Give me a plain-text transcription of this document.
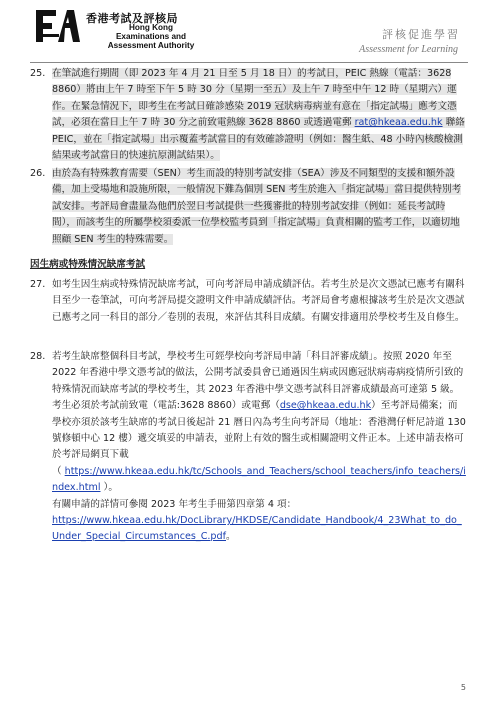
香港考試及評核局
Hong Kong
Examinations and
Assessment Authority
評核促進學習
Assessment for Learning
25. 在筆試進行期間（即 2023 年 4 月 21 日至 5 月 18 日）的考試日，PEIC 熱線（電話：3628 8860）將由上午 7 時至下午 5 時 30 分（星期一至五）及上午 7 時至中午 12 時（星期六）運作。在緊急情況下，即考生在考試日確診感染 2019 冠狀病毒病並有意在「指定試場」應考文憑試，必須在當日上午 7 時 30 分之前致電熱線 3628 8860 或透過電郵 rat@hkeaa.edu.hk 聯絡 PEIC，並在「指定試場」出示覆蓋考試當日的有效確診證明（例如：醫生紙、48 小時內核酸檢測結果或考試當日的快速抗原測試結果）。
26. 由於為有特殊教育需要（SEN）考生而設的特別考試安排（SEA）涉及不同類型的支援和額外設備，加上受場地和設施所限，一般情況下難為個別 SEN 考生於進入「指定試場」當日提供特別考試安排。考評局會盡量為他們於翌日考試提供一些獲審批的特別考試安排（例如：延長考試時間），而該考生的所屬學校須委派一位學校監考員到「指定試場」負責相關的監考工作，以適切地照顧 SEN 考生的特殊需要。
因生病或特殊情況缺席考試
27. 如考生因生病或特殊情況缺席考試，可向考評局申請成績評估。若考生於是次文憑試已應考有關科目至少一卷筆試，可向考評局提交證明文件申請成績評估。考評局會考慮根據該考生於是次文憑試已應考之同一科目的部分／卷別的表現，來評估其科目成績。有關安排適用於學校考生及自修生。
28. 若考生缺席整個科目考試，學校考生可經學校向考評局申請「科目評審成績」。按照 2020 年至 2022 年香港中學文憑考試的做法，公開考試委員會已通過因生病或因應冠狀病毒病疫情所引致的特殊情況而缺席考試的學校考生，其 2023 年香港中學文憑考試科目評審成績最高可達第 5 級。考生必須於考試前致電（電話:3628 8860）或電郵（dse@hkeaa.edu.hk）至考評局備案；而學校亦須於該考生缺席的考試日後起計 21 曆日內為考生向考評局（地址：香港灣仔軒尼詩道 130 號修頓中心 12 樓）遞交填妥的申請表，並附上有效的醫生或相關證明文件正本。上述申請表格可於考評局網頁下載
（ https://www.hkeaa.edu.hk/tc/Schools_and_Teachers/school_teachers/info_teachers/index.html ）。
有關申請的詳情可參閱 2023 年考生手冊第四章第 4 項：
https://www.hkeaa.edu.hk/DocLibrary/HKDSE/Candidate_Handbook/4_23What_to_do_Under_Special_Circumstances_C.pdf。
5
